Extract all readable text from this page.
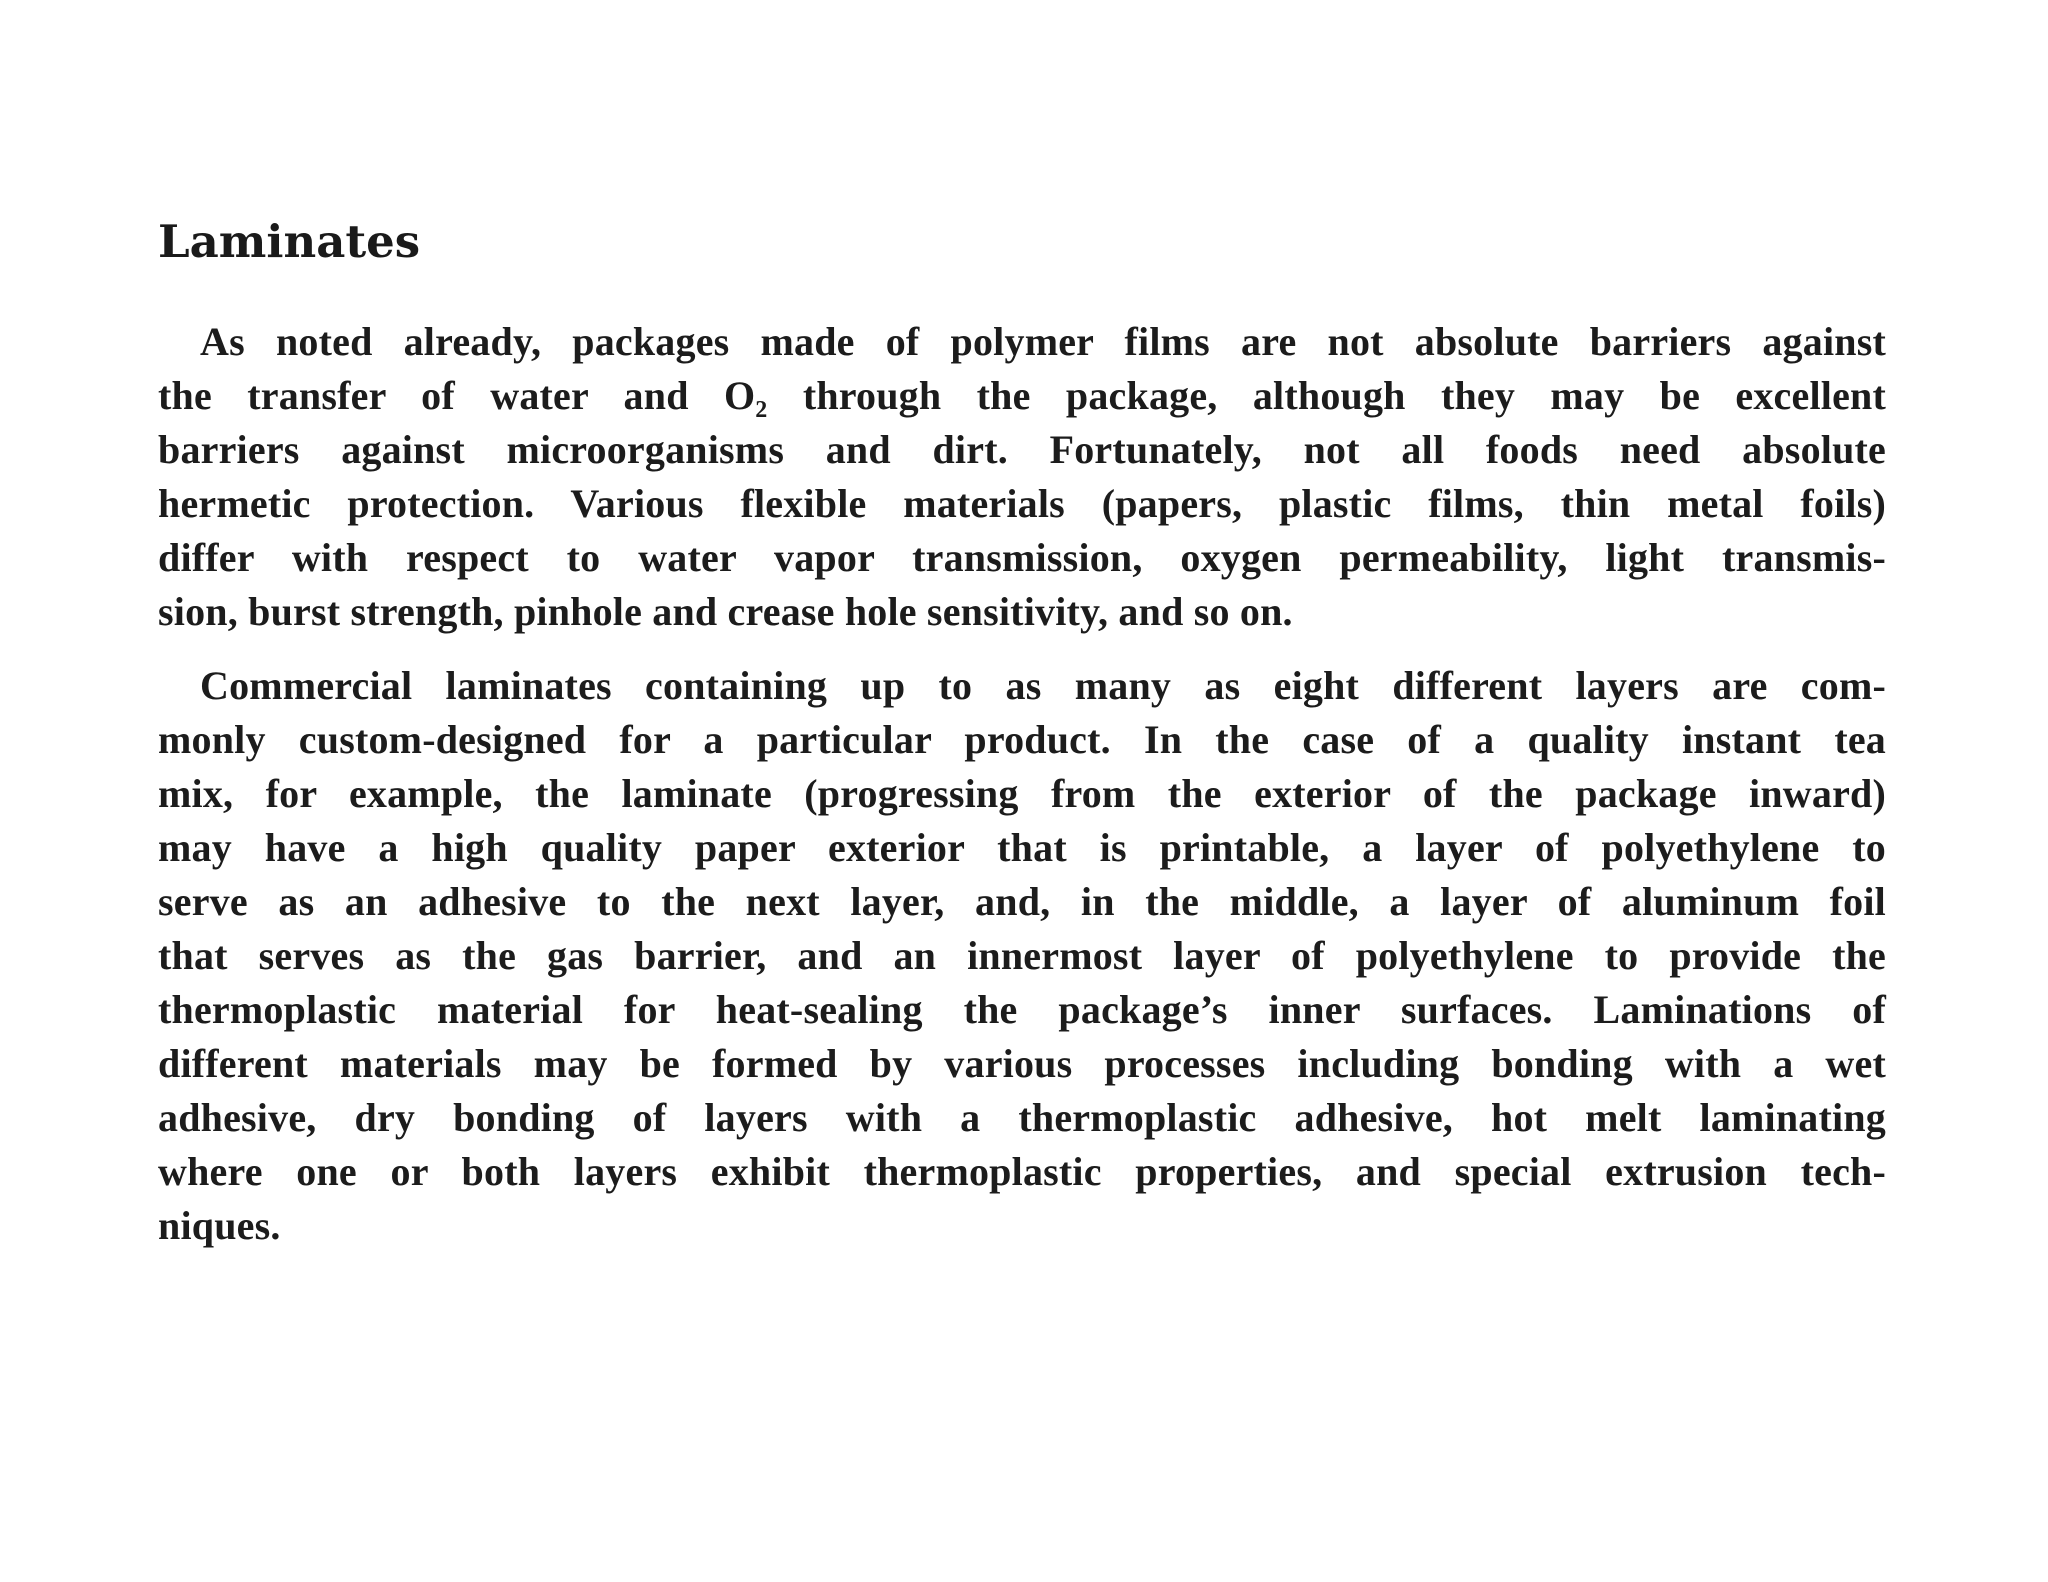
Laminates

As noted already, packages made of polymer films are not absolute barriers against
the transfer of water and O₂ through the package, although they may be excellent
barriers against microorganisms and dirt. Fortunately, not all foods need absolute
hermetic protection. Various flexible materials (papers, plastic films, thin metal foils)
differ with respect to water vapor transmission, oxygen permeability, light transmis-
sion, burst strength, pinhole and crease hole sensitivity, and so on.

Commercial laminates containing up to as many as eight different layers are com-
monly custom-designed for a particular product. In the case of a quality instant tea
mix, for example, the laminate (progressing from the exterior of the package inward)
may have a high quality paper exterior that is printable, a layer of polyethylene to
serve as an adhesive to the next layer, and, in the middle, a layer of aluminum foil
that serves as the gas barrier, and an innermost layer of polyethylene to provide the
thermoplastic material for heat-sealing the package’s inner surfaces. Laminations of
different materials may be formed by various processes including bonding with a wet
adhesive, dry bonding of layers with a thermoplastic adhesive, hot melt laminating
where one or both layers exhibit thermoplastic properties, and special extrusion tech-
niques.
